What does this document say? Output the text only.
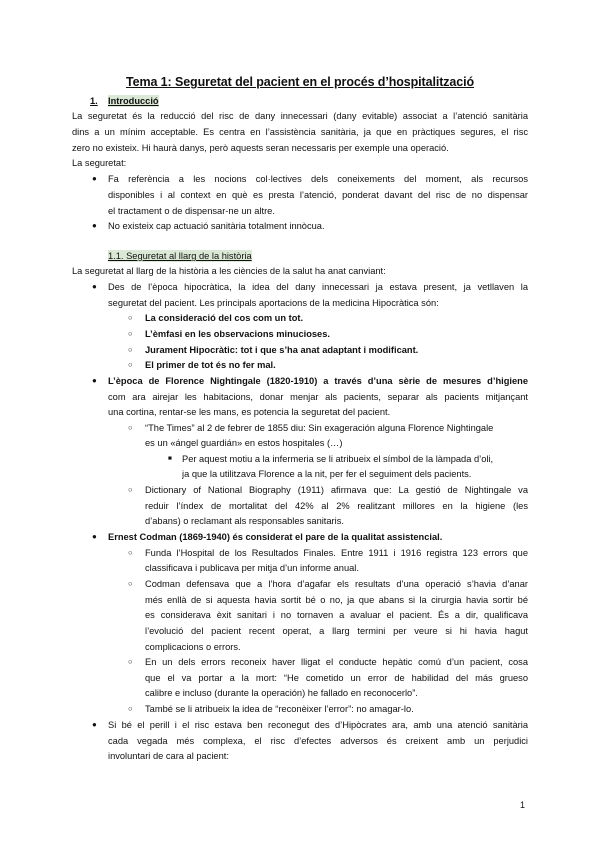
Tema 1: Seguretat del pacient en el procés d’hospitalització
1. Introducció
La seguretat és la reducció del risc de dany innecessari (dany evitable) associat a l’atenció sanitària
dins a un mínim acceptable. Es centra en l’assistència sanitària, ja que en pràctiques segures, el risc
zero no existeix. Hi haurà danys, però aquests seran necessaris per exemple una operació.
La seguretat:
● Fa referència a les nocions col·lectives dels coneixements del moment, als recursos
disponibles i al context en què es presta l’atenció, ponderat davant del risc de no dispensar
el tractament o de dispensar-ne un altre.
● No existeix cap actuació sanitària totalment innòcua.
1.1. Seguretat al llarg de la història
La seguretat al llarg de la història a les ciències de la salut ha anat canviant:
● Des de l’època hipocràtica, la idea del dany innecessari ja estava present, ja vetllaven la
seguretat del pacient. Les principals aportacions de la medicina Hipocràtica són:
○ La consideració del cos com un tot.
○ L’èmfasi en les observacions minucioses.
○ Jurament Hipocràtic: tot i que s’ha anat adaptant i modificant.
○ El primer de tot és no fer mal.
● L’època de Florence Nightingale (1820-1910) a través d’una sèrie de mesures d’higiene
com ara airejar les habitacions, donar menjar als pacients, separar als pacients mitjançant
una cortina, rentar-se les mans, es potencia la seguretat del pacient.
○ “The Times” al 2 de febrer de 1855 diu: Sin exageración alguna Florence Nightingale
es un «ángel guardián» en estos hospitales (…)
■ Per aquest motiu a la infermeria se li atribueix el símbol de la làmpada d’oli,
ja que la utilitzava Florence a la nit, per fer el seguiment dels pacients.
○ Dictionary of National Biography (1911) afirmava que: La gestió de Nightingale va
reduir l’índex de mortalitat del 42% al 2% realitzant millores en la higiene (les
d’abans) o reclamant als responsables sanitaris.
● Ernest Codman (1869-1940) és considerat el pare de la qualitat assistencial.
○ Funda l’Hospital de los Resultados Finales. Entre 1911 i 1916 registra 123 errors que
classificava i publicava per mitja d’un informe anual.
○ Codman defensava que a l’hora d’agafar els resultats d’una operació s’havia d’anar
més enllà de si aquesta havia sortit bé o no, ja que abans si la cirurgia havia sortir bé
es considerava èxit sanitari i no tornaven a avaluar el pacient. És a dir, qualificava
l’evolució del pacient recent operat, a llarg termini per veure si hi havia hagut
complicacions o errors.
○ En un dels errors reconeix haver lligat el conducte hepàtic comú d’un pacient, cosa
que el va portar a la mort: “He cometido un error de habilidad del más grueso
calibre e incluso (durante la operación) he fallado en reconocerlo”.
○ També se li atribueix la idea de “reconèixer l’error”: no amagar-lo.
● Si bé el perill i el risc estava ben reconegut des d’Hipòcrates ara, amb una atenció sanitària
cada vegada més complexa, el risc d’efectes adversos és creixent amb un perjudici
involuntari de cara al pacient:
1
